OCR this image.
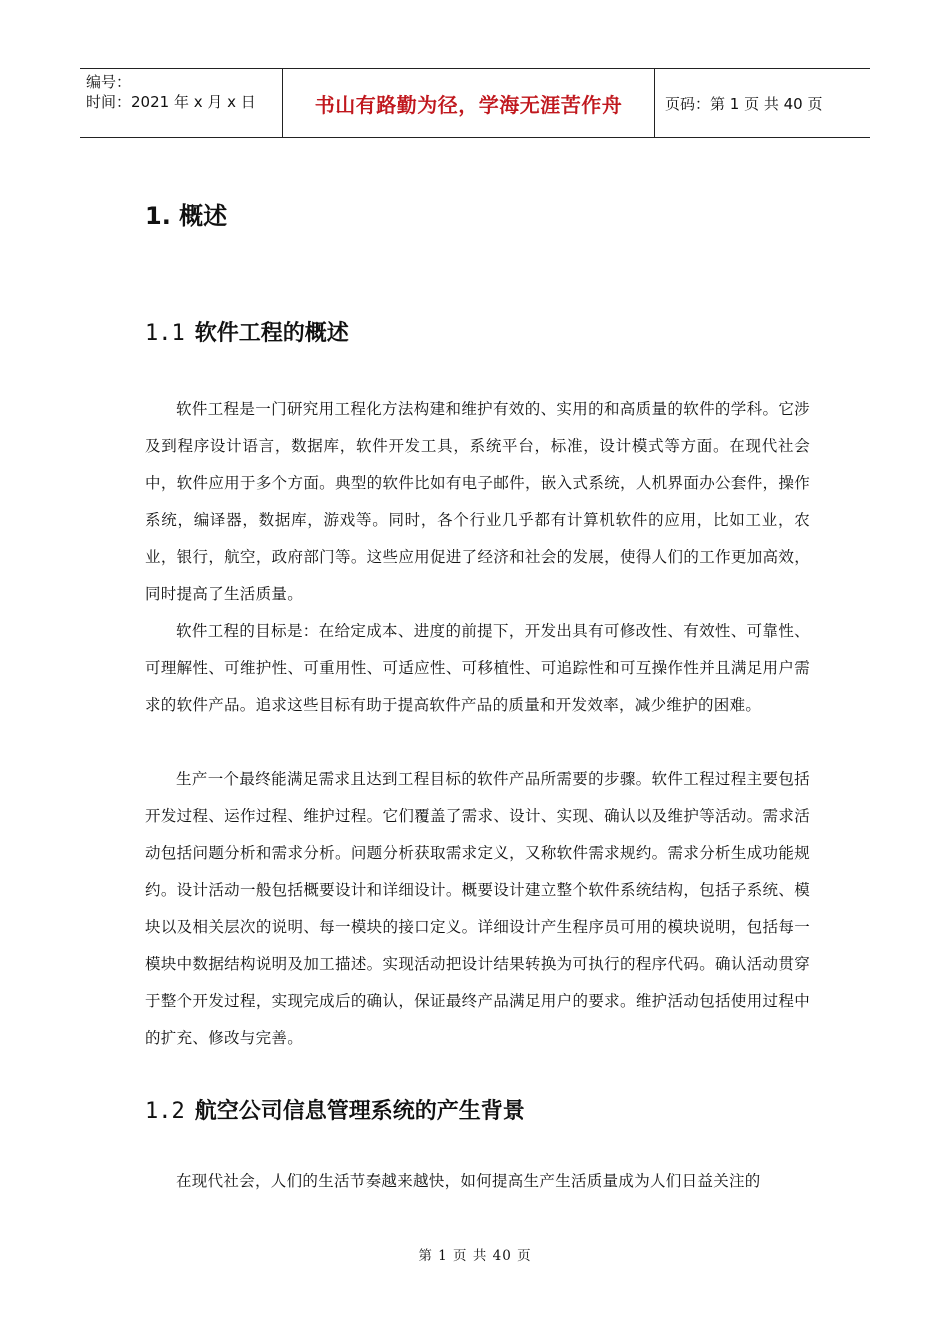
编号：
时间：2021 年 x 月 x 日	书山有路勤为径，学海无涯苦作舟	页码：第 1 页 共 40 页
1. 概述
1.1 软件工程的概述

软件工程是一门研究用工程化方法构建和维护有效的、实用的和高质量的软件的学科。它涉及到程序设计语言，数据库，软件开发工具，系统平台，标准，设计模式等方面。在现代社会中，软件应用于多个方面。典型的软件比如有电子邮件，嵌入式系统，人机界面办公套件，操作系统，编译器，数据库，游戏等。同时，各个行业几乎都有计算机软件的应用，比如工业，农业，银行，航空，政府部门等。这些应用促进了经济和社会的发展，使得人们的工作更加高效，同时提高了生活质量。

软件工程的目标是：在给定成本、进度的前提下，开发出具有可修改性、有效性、可靠性、可理解性、可维护性、可重用性、可适应性、可移植性、可追踪性和可互操作性并且满足用户需求的软件产品。追求这些目标有助于提高软件产品的质量和开发效率，减少维护的困难。

生产一个最终能满足需求且达到工程目标的软件产品所需要的步骤。软件工程过程主要包括开发过程、运作过程、维护过程。它们覆盖了需求、设计、实现、确认以及维护等活动。需求活动包括问题分析和需求分析。问题分析获取需求定义，又称软件需求规约。需求分析生成功能规约。设计活动一般包括概要设计和详细设计。概要设计建立整个软件系统结构，包括子系统、模块以及相关层次的说明、每一模块的接口定义。详细设计产生程序员可用的模块说明，包括每一模块中数据结构说明及加工描述。实现活动把设计结果转换为可执行的程序代码。确认活动贯穿于整个开发过程，实现完成后的确认，保证最终产品满足用户的要求。维护活动包括使用过程中的扩充、修改与完善。

1.2 航空公司信息管理系统的产生背景

在现代社会，人们的生活节奏越来越快，如何提高生产生活质量成为人们日益关注的

第 1 页 共 40 页
